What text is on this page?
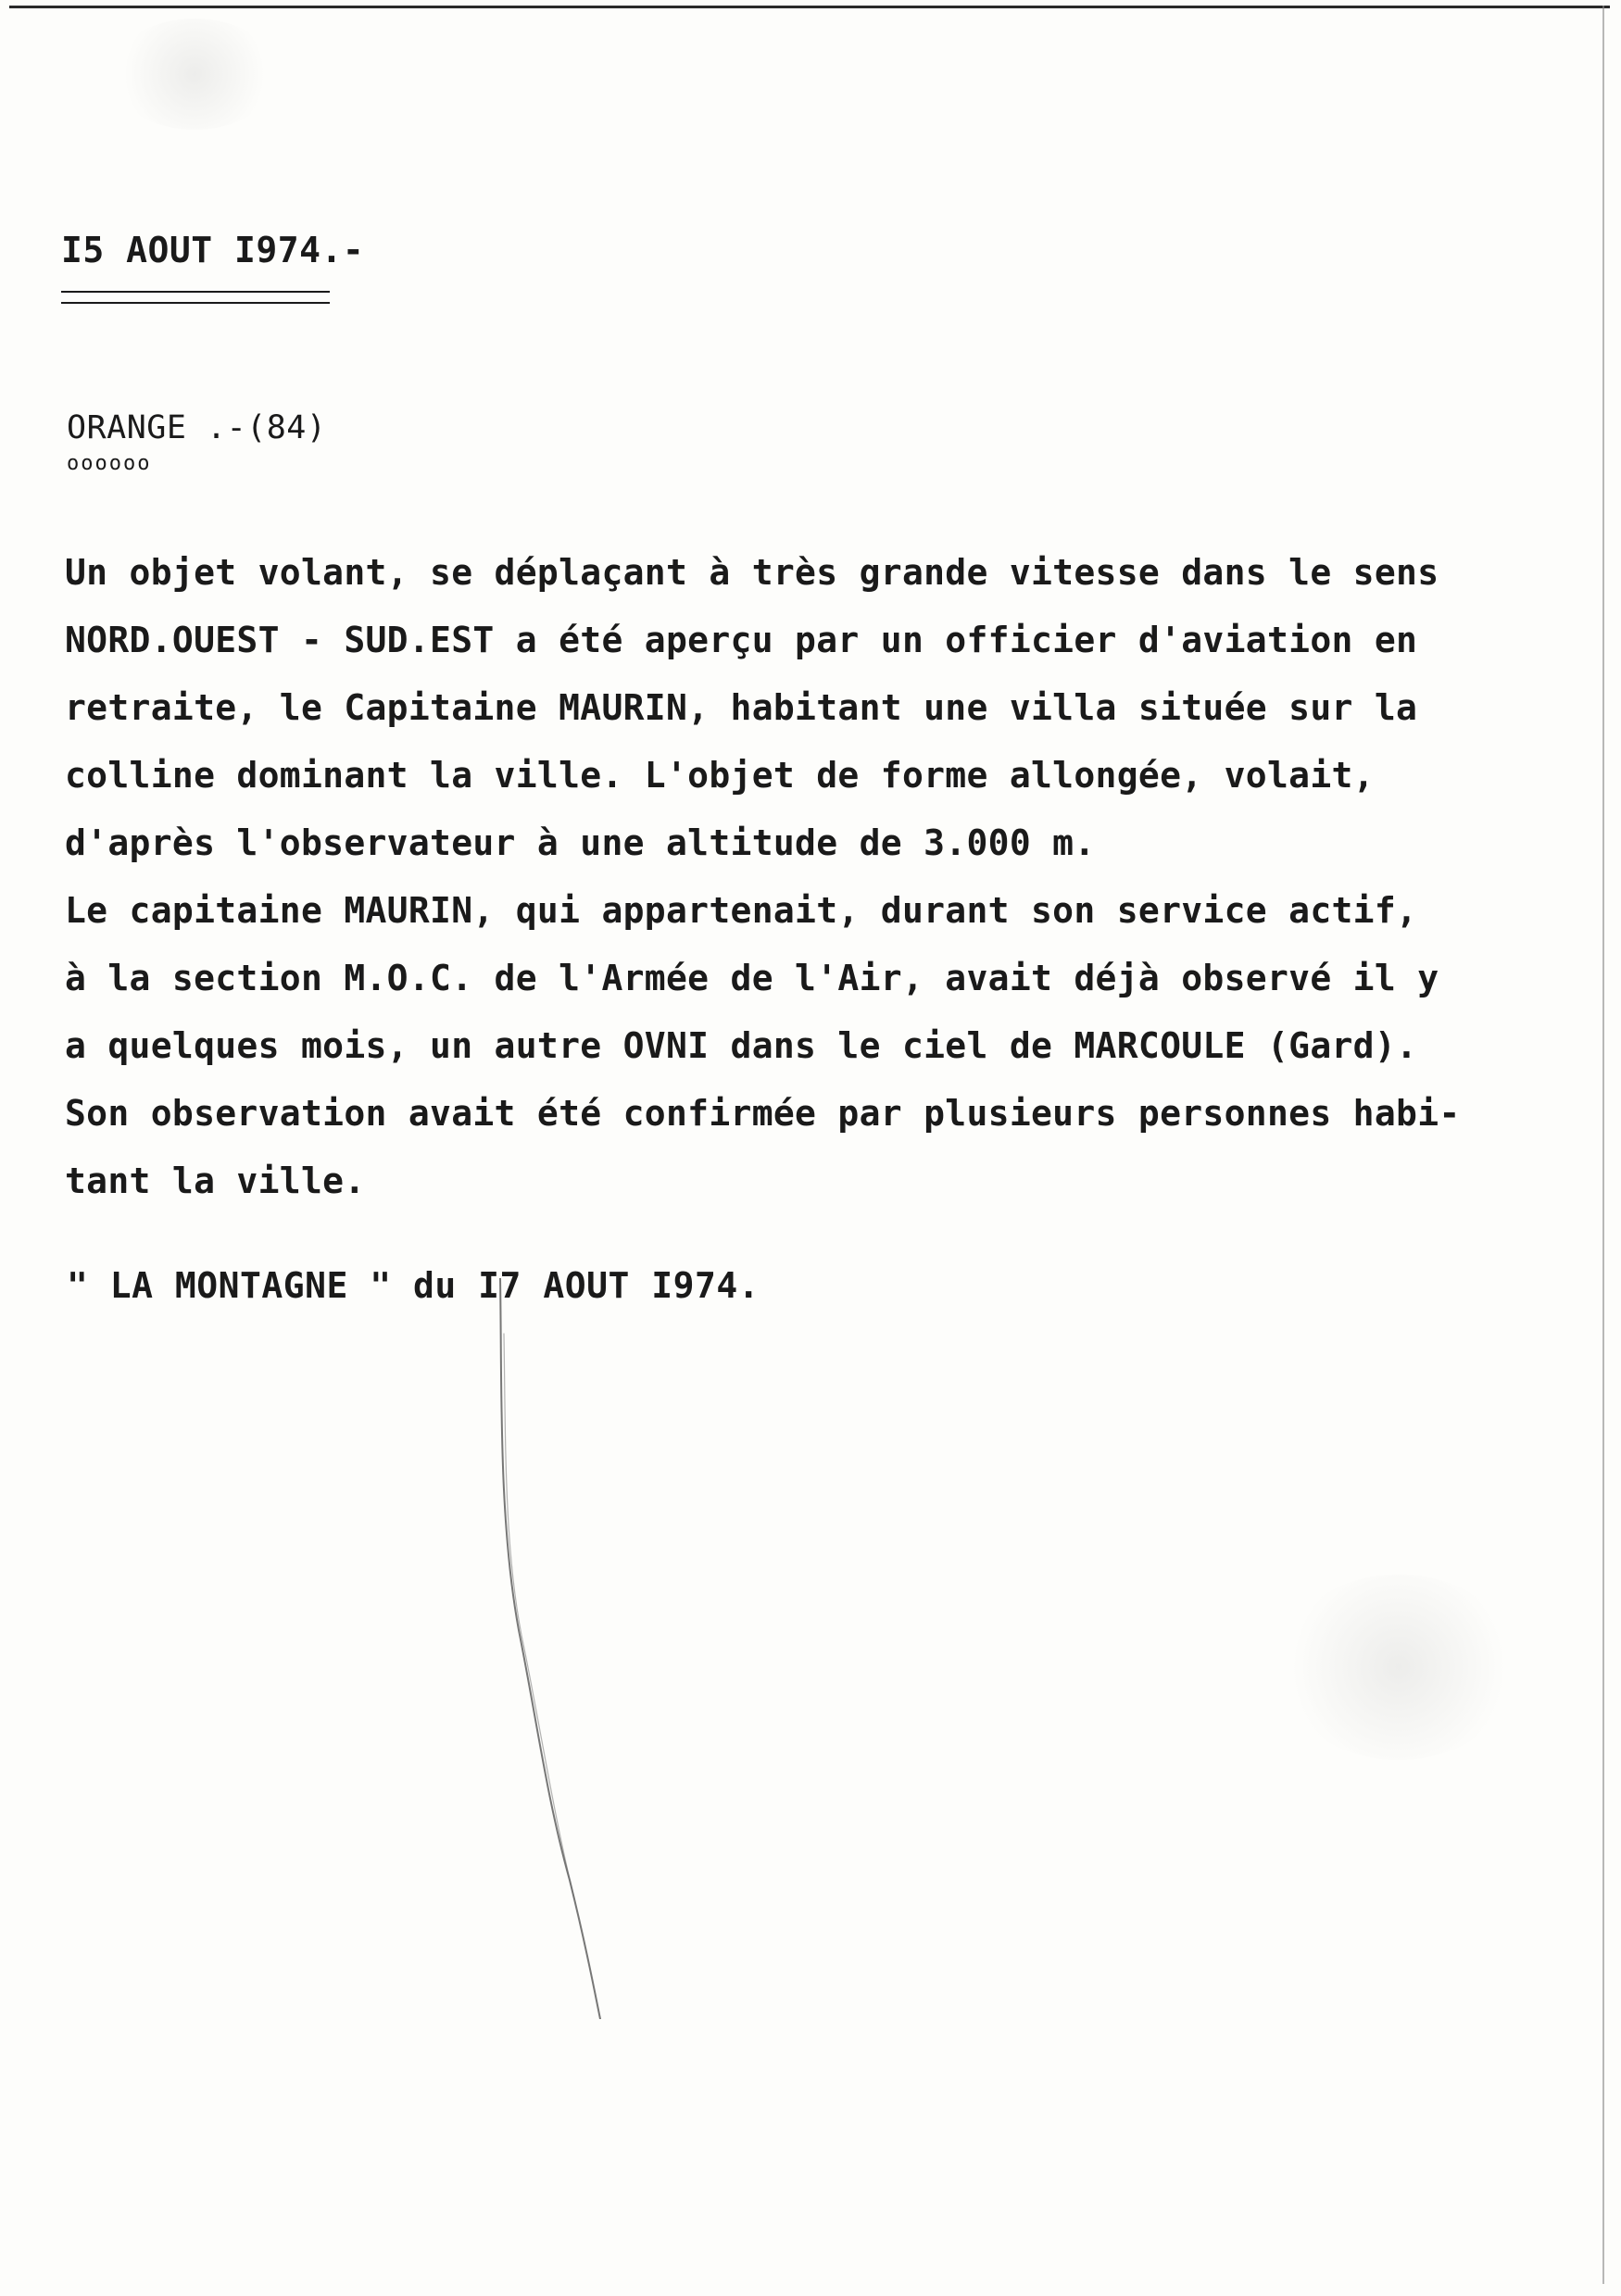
I5 AOUT I974.-
ORANGE .-(84)
oooooo
Un objet volant, se déplaçant à très grande vitesse dans le sens
NORD.OUEST - SUD.EST a été aperçu par un officier d'aviation en
retraite, le Capitaine MAURIN, habitant une villa située sur la
colline dominant la ville. L'objet de forme allongée, volait,
d'après l'observateur à une altitude de 3.000 m.
Le capitaine MAURIN, qui appartenait, durant son service actif,
à la section M.O.C. de l'Armée de l'Air, avait déjà observé il y
a quelques mois, un autre OVNI dans le ciel de MARCOULE (Gard).
Son observation avait été confirmée par plusieurs personnes habi-
tant la ville.
" LA MONTAGNE " du I7 AOUT I974.
